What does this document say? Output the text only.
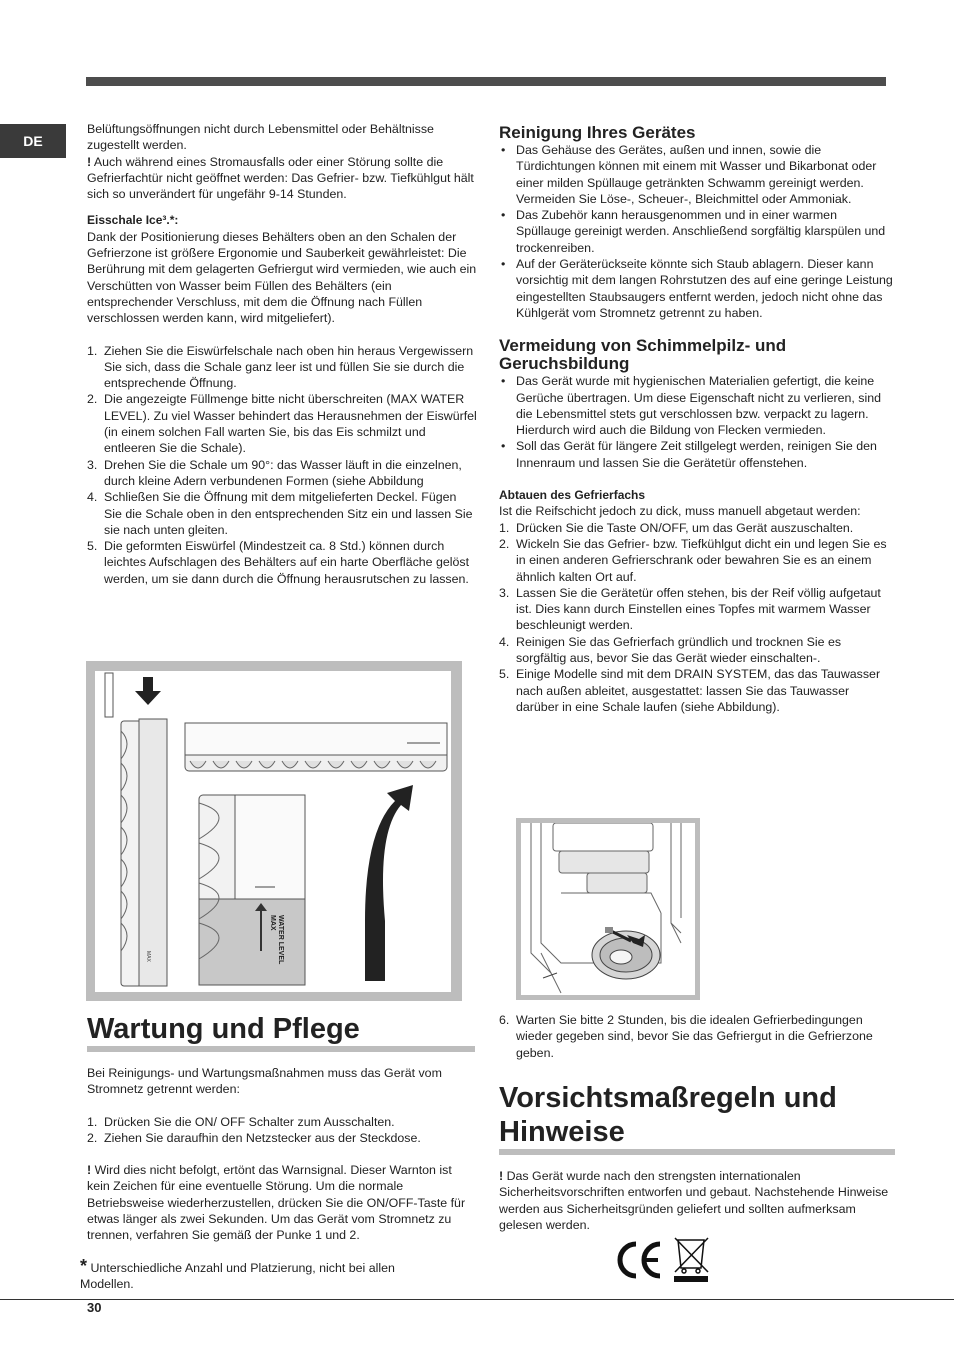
DE

Belüftungsöffnungen nicht durch Lebensmittel oder Behältnisse zugestellt werden.

! Auch während eines Stromausfalls oder einer Störung sollte die Gefrierfachtür nicht geöffnet werden: Das Gefrier- bzw. Tiefkühlgut hält sich so unverändert für ungefähr 9-14 Stunden.

Eisschale Ice³.*:

Dank der Positionierung dieses Behälters oben an den Schalen der Gefrierzone ist größere Ergonomie und Sauberkeit gewährleistet: Die Berührung mit dem gelagerten Gefriergut wird vermieden, wie auch ein Verschütten von Wasser beim Füllen des Behälters (ein entsprechender Verschluss, mit dem die Öffnung nach Füllen verschlossen werden kann, wird mitgeliefert).

1. Ziehen Sie die Eiswürfelschale nach oben hin heraus Vergewissern Sie sich, dass die Schale ganz leer ist und füllen Sie sie durch die entsprechende Öffnung.
2. Die angezeigte Füllmenge bitte nicht überschreiten (MAX WATER LEVEL). Zu viel Wasser behindert das Herausnehmen der Eiswürfel (in einem solchen Fall warten Sie, bis das Eis schmilzt und entleeren Sie die Schale).
3. Drehen Sie die Schale um 90°: das Wasser läuft in die einzelnen, durch kleine Adern verbundenen Formen (siehe Abbildung
4. Schließen Sie die Öffnung mit dem mitgelieferten Deckel. Fügen Sie die Schale oben in den entsprechenden Sitz ein und lassen Sie sie nach unten gleiten.
5. Die geformten Eiswürfel (Mindestzeit ca. 8 Std.) können durch leichtes Aufschlagen des Behälters auf ein harte Oberfläche gelöst werden, um sie dann durch die Öffnung herausrutschen zu lassen.
MAX
MAX WATER LEVEL
Wartung und Pflege

Bei Reinigungs- und Wartungsmaßnahmen muss das Gerät vom Stromnetz getrennt werden:

1. Drücken Sie die ON/ OFF Schalter zum Ausschalten.
2. Ziehen Sie daraufhin den Netzstecker aus der Steckdose.

! Wird dies nicht befolgt, ertönt das Warnsignal. Dieser Warnton ist kein Zeichen für eine eventuelle Störung. Um die normale Betriebsweise wiederherzustellen, drücken Sie die ON/OFF-Taste für etwas länger als zwei Sekunden. Um das Gerät vom Stromnetz zu trennen, verfahren Sie gemäß der Punke 1 und 2.

* Unterschiedliche Anzahl und Platzierung, nicht bei allen Modellen.
Reinigung Ihres Gerätes
• Das Gehäuse des Gerätes, außen und innen, sowie die Türdichtungen können mit einem mit Wasser und Bikarbonat oder einer milden Spüllauge getränkten Schwamm gereinigt werden. Vermeiden Sie Löse-, Scheuer-, Bleichmittel oder Ammoniak.
• Das Zubehör kann herausgenommen und in einer warmen Spüllauge gereinigt werden. Anschließend sorgfältig klarspülen und trockenreiben.
• Auf der Geräterückseite könnte sich Staub ablagern. Dieser kann vorsichtig mit dem langen Rohrstutzen des auf eine geringe Leistung eingestellten Staubsaugers entfernt werden, jedoch nicht ohne das Kühlgerät vom Stromnetz getrennt zu haben.
Vermeidung von Schimmelpilz- und Geruchsbildung
• Das Gerät wurde mit hygienischen Materialien gefertigt, die keine Gerüche übertragen. Um diese Eigenschaft nicht zu verlieren, sind die Lebensmittel stets gut verschlossen bzw. verpackt zu lagern. Hierdurch wird auch die Bildung von Flecken vermieden.
• Soll das Gerät für längere Zeit stillgelegt werden, reinigen Sie den Innenraum und lassen Sie die Gerätetür offenstehen.

Abtauen des Gefrierfachs

Ist die Reifschicht jedoch zu dick, muss manuell abgetaut werden:

1. Drücken Sie die Taste ON/OFF, um das Gerät auszuschalten.
2. Wickeln Sie das Gefrier- bzw. Tiefkühlgut dicht ein und legen Sie es in einen anderen Gefrierschrank oder bewahren Sie es an einem ähnlich kalten Ort auf.
3. Lassen Sie die Gerätetür offen stehen, bis der Reif völlig aufgetaut ist. Dies kann durch Einstellen eines Topfes mit warmem Wasser beschleunigt werden.
4. Reinigen Sie das Gefrierfach gründlich und trocknen Sie es sorgfältig aus, bevor Sie das Gerät wieder einschalten-.
5. Einige Modelle sind mit dem DRAIN SYSTEM, das das Tauwasser nach außen ableitet, ausgestattet: lassen Sie das Tauwasser darüber in eine Schale laufen (siehe Abbildung).
6. Warten Sie bitte 2 Stunden, bis die idealen Gefrierbedingungen wieder gegeben sind, bevor Sie das Gefriergut in die Gefrierzone geben.
Vorsichtsmaßregeln und Hinweise

! Das Gerät wurde nach den strengsten internationalen Sicherheitsvorschriften entworfen und gebaut. Nachstehende Hinweise werden aus Sicherheitsgründen geliefert und sollten aufmerksam gelesen werden.

30
